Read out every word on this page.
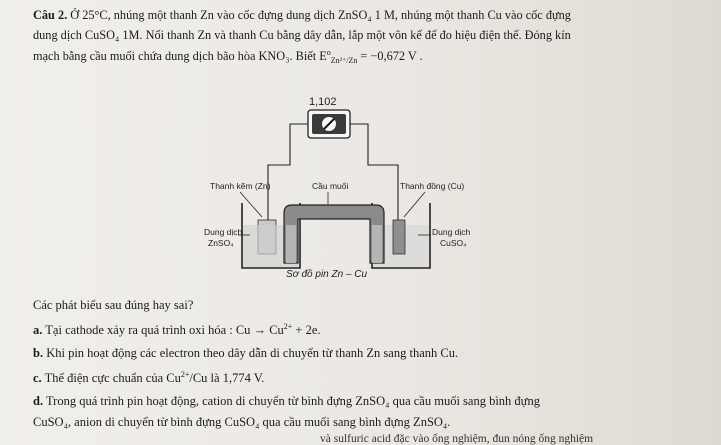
Câu 2. Ở 25°C, nhúng một thanh Zn vào cốc đựng dung dịch ZnSO₄ 1 M, nhúng một thanh Cu vào cốc đựng
dung dịch CuSO₄ 1M. Nối thanh Zn và thanh Cu bằng dây dẫn, lắp một vôn kế để đo hiệu điện thế. Đóng kín
mạch bằng cầu muối chứa dung dịch bão hòa KNO₃. Biết $E^o_{Zn^{2+}/Zn} = -0,672$ V .
1,102
Thanh kẽm (Zn)	Cầu muối	Thanh đồng (Cu)
Dung dịch
ZnSO₄
Dung dịch
CuSO₄
Sơ đồ pin Zn – Cu
Các phát biểu sau đúng hay sai?
a. Tại cathode xảy ra quá trình oxi hóa : $Cu \to Cu^{2+} + 2e$.
b. Khi pin hoạt động các electron theo dây dẫn di chuyển từ thanh Zn sang thanh Cu.
c. Thế điện cực chuẩn của $Cu^{2+}/Cu$ là 1,774 V.
d. Trong quá trình pin hoạt động, cation di chuyển từ bình đựng ZnSO₄ qua cầu muối sang bình đựng
CuSO₄, anion di chuyển từ bình đựng CuSO₄ qua cầu muối sang bình đựng ZnSO₄.
và sulfuric acid đặc vào ống nghiệm, đun nóng ống nghiệm
